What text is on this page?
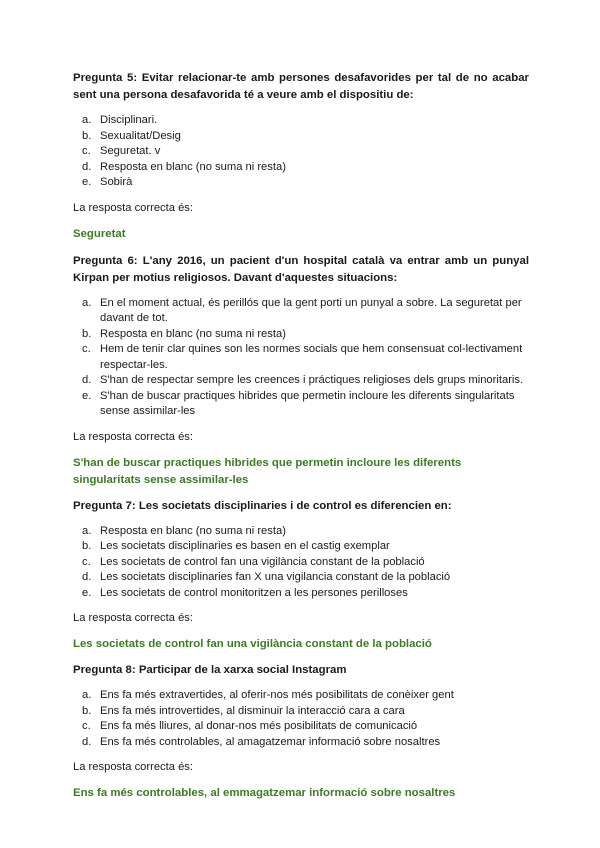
Pregunta 5: Evitar relacionar-te amb persones desafavorides per tal de no acabar sent una persona desafavorida té a veure amb el dispositiu de:

a. Disciplinari.
b. Sexualitat/Desig
c. Seguretat. v
d. Resposta en blanc (no suma ni resta)
e. Sobirà

La resposta correcta és:

Seguretat

Pregunta 6: L'any 2016, un pacient d'un hospital català va entrar amb un punyal Kirpan per motius religiosos. Davant d'aquestes situacions:

a. En el moment actual, és perillós que la gent porti un punyal a sobre. La seguretat per davant de tot.
b. Resposta en blanc (no suma ni resta)
c. Hem de tenir clar quines son les normes socials que hem consensuat col-lectivament respectar-les.
d. S'han de respectar sempre les creences i práctiques religioses dels grups minoritaris.
e. S'han de buscar practiques hibrides que permetin incloure les diferents singularitats sense assimilar-les

La resposta correcta és:

S'han de buscar practiques hibrides que permetin incloure les diferents singularitats sense assimilar-les

Pregunta 7: Les societats disciplinaries i de control es diferencien en:

a. Resposta en blanc (no suma ni resta)
b. Les societats disciplinaries es basen en el castig exemplar
c. Les societats de control fan una vigilància constant de la població
d. Les societats disciplinaries fan X una vigilancia constant de la població
e. Les societats de control monitoritzen a les persones perilloses

La resposta correcta és:

Les societats de control fan una vigilància constant de la població

Pregunta 8: Participar de la xarxa social Instagram

a. Ens fa més extravertides, al oferir-nos més posibilitats de conèixer gent
b. Ens fa més introvertides, al disminuir la interacció cara a cara
c. Ens fa més lliures, al donar-nos més posibilitats de comunicació
d. Ens fa més controlables, al amagatzemar informació sobre nosaltres

La resposta correcta és:

Ens fa més controlables, al emmagatzemar informació sobre nosaltres
